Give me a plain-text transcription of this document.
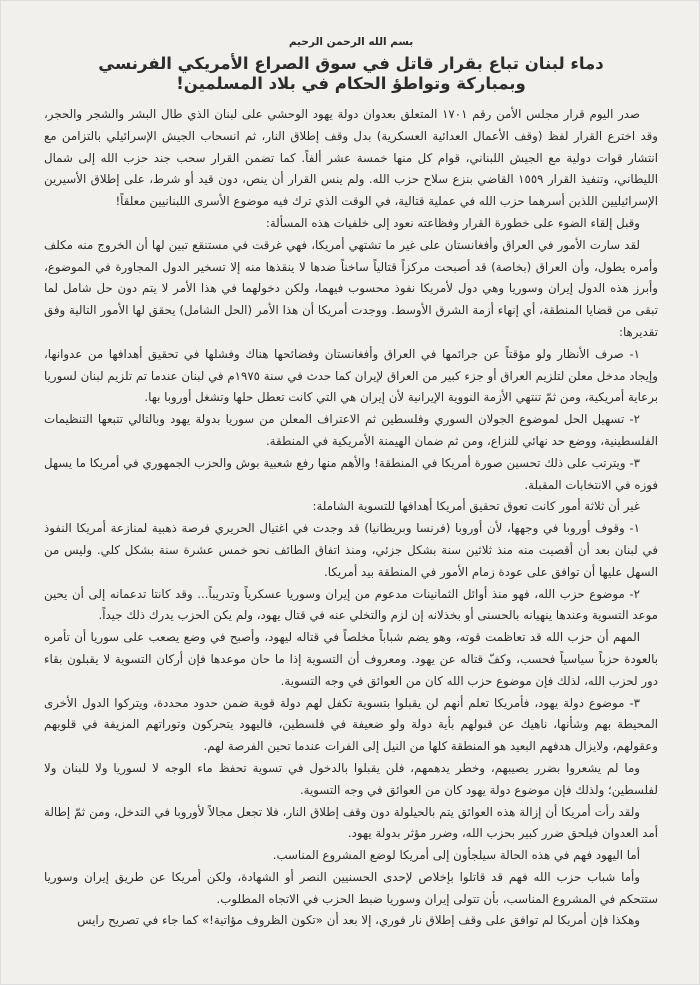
بسم الله الرحمن الرحيم
دماء لبنان تباع بقرار قاتل في سوق الصراع الأمريكي الفرنسي
وبمباركة وتواطؤ الحكام في بلاد المسلمين!

صدر اليوم قرار مجلس الأمن رقم ١٧٠١ المتعلق بعدوان دولة يهود الوحشي على لبنان الذي طال البشر والشجر والحجر، وقد اخترع القرار لفظ (وقف الأعمال العدائية العسكرية) بدل وقف إطلاق النار، ثم انسحاب الجيش الإسرائيلي بالتزامن مع انتشار قوات دولية مع الجيش اللبناني، قوام كل منها خمسة عشر ألفاً. كما تضمن القرار سحب جند حزب الله إلى شمال الليطاني، وتنفيذ القرار ١٥٥٩ القاضي بنزع سلاح حزب الله. ولم ينس القرار أن ينص، دون قيد أو شرط، على إطلاق الأسيرين الإسرائيليين اللذين أسرهما حزب الله في عملية قتالية، في الوقت الذي ترك فيه موضوع الأسرى اللبنانيين معلقاً!

وقبل إلقاء الضوء على خطورة القرار وفظاعته نعود إلى خلفيات هذه المسألة:

لقد سارت الأمور في العراق وأفغانستان على غير ما تشتهي أمريكا، فهي غرقت في مستنقع تبين لها أن الخروج منه مكلف وأمره يطول، وأن العراق (بخاصة) قد أصبحت مركزاً قتالياً ساخناً ضدها لا ينقذها منه إلا تسخير الدول المجاورة في الموضوع، وأبرز هذه الدول إيران وسوريا وهي دول لأمريكا نفوذ محسوب فيهما، ولكن دخولهما في هذا الأمر لا يتم دون حل شامل لما تبقى من قضايا المنطقة، أي إنهاء أزمة الشرق الأوسط. ووجدت أمريكا أن هذا الأمر (الحل الشامل) يحقق لها الأمور التالية وفق تقديرها:

١- صرف الأنظار ولو مؤقتاً عن جرائمها في العراق وأفغانستان وفضائحها هناك وفشلها في تحقيق أهدافها من عدوانها، وإيجاد مدخل معلن لتلزيم العراق أو جزء كبير من العراق لإيران كما حدث في سنة ١٩٧٥م في لبنان عندما تم تلزيم لبنان لسوريا برعاية أمريكية، ومن ثمّ تنتهي الأزمة النووية الإيرانية لأن إيران هي التي كانت تعطل حلها وتشغل أوروبا بها.

٢- تسهيل الحل لموضوع الجولان السوري وفلسطين ثم الاعتراف المعلن من سوريا بدولة يهود وبالتالي تتبعها التنظيمات الفلسطينية، ووضع حد نهائي للنزاع، ومن ثم ضمان الهيمنة الأمريكية في المنطقة.

٣- ويترتب على ذلك تحسين صورة أمريكا في المنطقة! والأهم منها رفع شعبية بوش والحزب الجمهوري في أمريكا ما يسهل فوزه في الانتخابات المقبلة.

غير أن ثلاثة أمور كانت تعوق تحقيق أمريكا أهدافها للتسوية الشاملة:

١- وقوف أوروبا في وجهها، لأن أوروبا (فرنسا وبريطانيا) قد وجدت في اغتيال الحريري فرصة ذهبية لمنازعة أمريكا النفوذ في لبنان بعد أن أقصيت منه منذ ثلاثين سنة بشكل جزئي، ومنذ اتفاق الطائف نحو خمس عشرة سنة بشكل كلي. وليس من السهل عليها أن توافق على عودة زمام الأمور في المنطقة بيد أمريكا.

٢- موضوع حزب الله، فهو منذ أوائل الثمانينات مدعوم من إيران وسوريا عسكرياً وتدريباً... وقد كانتا تدعمانه إلى أن يحين موعد التسوية وعندها ينهيانه بالحسنى أو بخذلانه إن لزم والتخلي عنه في قتال يهود، ولم يكن الحزب يدرك ذلك جيداً.

المهم أن حزب الله قد تعاظمت قوته، وهو يضم شباباً مخلصاً في قتاله ليهود، وأصبح في وضع يصعب على سوريا أن تأمره بالعودة حزباً سياسياً فحسب، وكفّ قتاله عن يهود. ومعروف أن التسوية إذا ما حان موعدها فإن أركان التسوية لا يقبلون بقاء دور لحزب الله، لذلك فإن موضوع حزب الله كان من العوائق في وجه التسوية.

٣- موضوع دولة يهود، فأمريكا تعلم أنهم لن يقبلوا بتسوية تكفل لهم دولة قوية ضمن حدود محددة، ويتركوا الدول الأخرى المحيطة بهم وشأنها، ناهيك عن قبولهم بأية دولة ولو ضعيفة في فلسطين، فاليهود يتحركون وتوراتهم المزيفة في قلوبهم وعقولهم، ولايزال هدفهم البعيد هو المنطقة كلها من النيل إلى الفرات عندما تحين الفرصة لهم.

وما لم يشعروا بضرر يصيبهم، وخطر يدهمهم، فلن يقبلوا بالدخول في تسوية تحفظ ماء الوجه لا لسوريا ولا للبنان ولا لفلسطين؛ ولذلك فإن موضوع دولة يهود كان من العوائق في وجه التسوية.

ولقد رأت أمريكا أن إزالة هذه العوائق يتم بالحيلولة دون وقف إطلاق النار، فلا تجعل مجالاً لأوروبا في التدخل، ومن ثمّ إطالة أمد العدوان فيلحق ضرر كبير بحزب الله، وضرر مؤثر بدولة يهود.

أما اليهود فهم في هذه الحالة سيلجأون إلى أمريكا لوضع المشروع المناسب.

وأما شباب حزب الله فهم قد قاتلوا بإخلاص لإحدى الحسنيين النصر أو الشهادة، ولكن أمريكا عن طريق إيران وسوريا ستتحكم في المشروع المناسب، بأن تتولى إيران وسوريا ضبط الحزب في الاتجاه المطلوب.

وهكذا فإن أمريكا لم توافق على وقف إطلاق نار فوري، إلا بعد أن «تكون الظروف مؤاتية!» كما جاء في تصريح رايس
